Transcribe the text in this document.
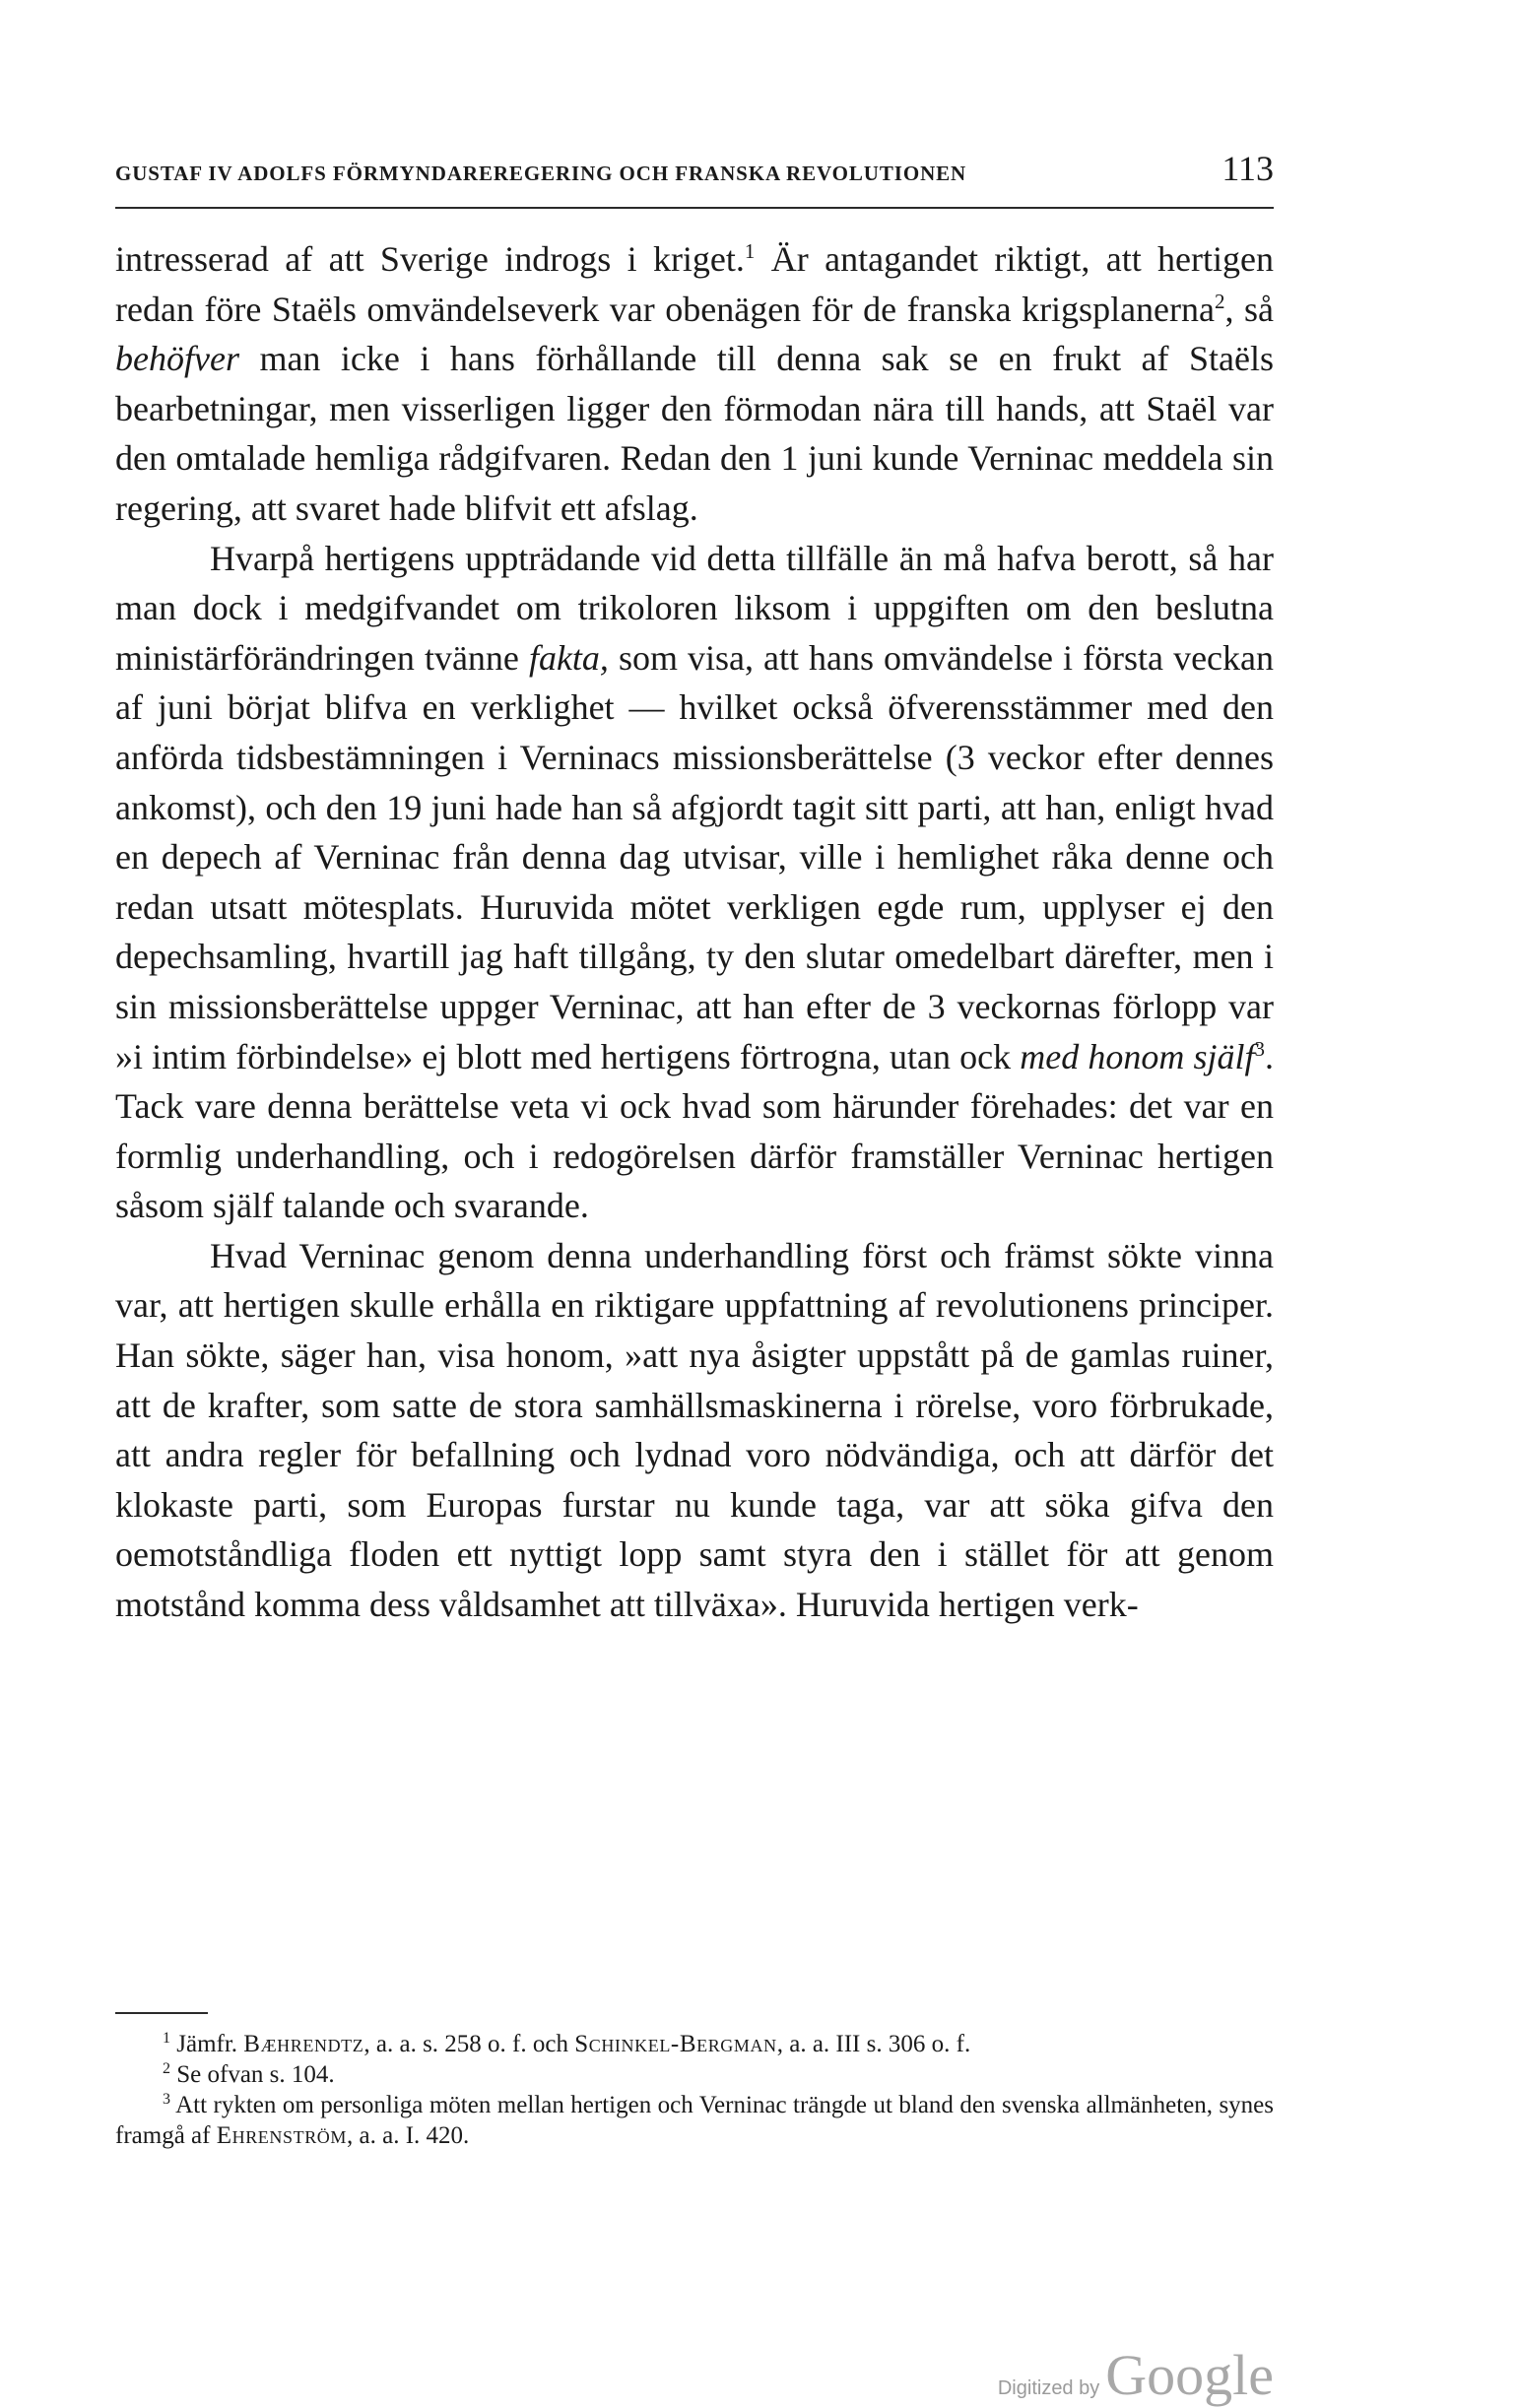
GUSTAF IV ADOLFS FÖRMYNDAREREGERING OCH FRANSKA REVOLUTIONEN	113

intresserad af att Sverige indrogs i kriget.$^1$ Är antagandet riktigt, att hertigen redan före Staëls omvändelseverk var obenägen för de franska krigsplanerna$^2$, så behöfver man icke i hans förhållande till denna sak se en frukt af Staëls bearbetningar, men visserligen ligger den förmodan nära till hands, att Staël var den omtalade hemliga rådgifvaren. Redan den 1 juni kunde Verninac meddela sin regering, att svaret hade blifvit ett afslag.

Hvarpå hertigens uppträdande vid detta tillfälle än må hafva berott, så har man dock i medgifvandet om trikoloren liksom i uppgiften om den beslutna ministärförändringen tvänne fakta, som visa, att hans omvändelse i första veckan af juni börjat blifva en verklighet — hvilket också öfverensstämmer med den anförda tidsbestämningen i Verninacs missionsberättelse (3 veckor efter dennes ankomst), och den 19 juni hade han så afgjordt tagit sitt parti, att han, enligt hvad en depech af Verninac från denna dag utvisar, ville i hemlighet råka denne och redan utsatt mötesplats. Huruvida mötet verkligen egde rum, upplyser ej den depechsamling, hvartill jag haft tillgång, ty den slutar omedelbart därefter, men i sin missionsberättelse uppger Verninac, att han efter de 3 veckornas förlopp var »i intim förbindelse» ej blott med hertigens förtrogna, utan ock med honom själf$^3$. Tack vare denna berättelse veta vi ock hvad som härunder förehades: det var en formlig underhandling, och i redogörelsen därför framställer Verninac hertigen såsom själf talande och svarande.

Hvad Verninac genom denna underhandling först och främst sökte vinna var, att hertigen skulle erhålla en riktigare uppfattning af revolutionens principer. Han sökte, säger han, visa honom, »att nya åsigter uppstått på de gamlas ruiner, att de krafter, som satte de stora samhällsmaskinerna i rörelse, voro förbrukade, att andra regler för befallning och lydnad voro nödvändiga, och att därför det klokaste parti, som Europas furstar nu kunde taga, var att söka gifva den oemotståndliga floden ett nyttigt lopp samt styra den i stället för att genom motstånd komma dess våldsamhet att tillväxa». Huruvida hertigen verk-

$^1$ Jämfr. Bæhrendtz, a. a. s. 258 o. f. och Schinkel-Bergman, a. a. III s. 306 o. f.

$^2$ Se ofvan s. 104.

$^3$ Att rykten om personliga möten mellan hertigen och Verninac trängde ut bland den svenska allmänheten, synes framgå af Ehrenström, a. a. I. 420.

Digitized by Google
